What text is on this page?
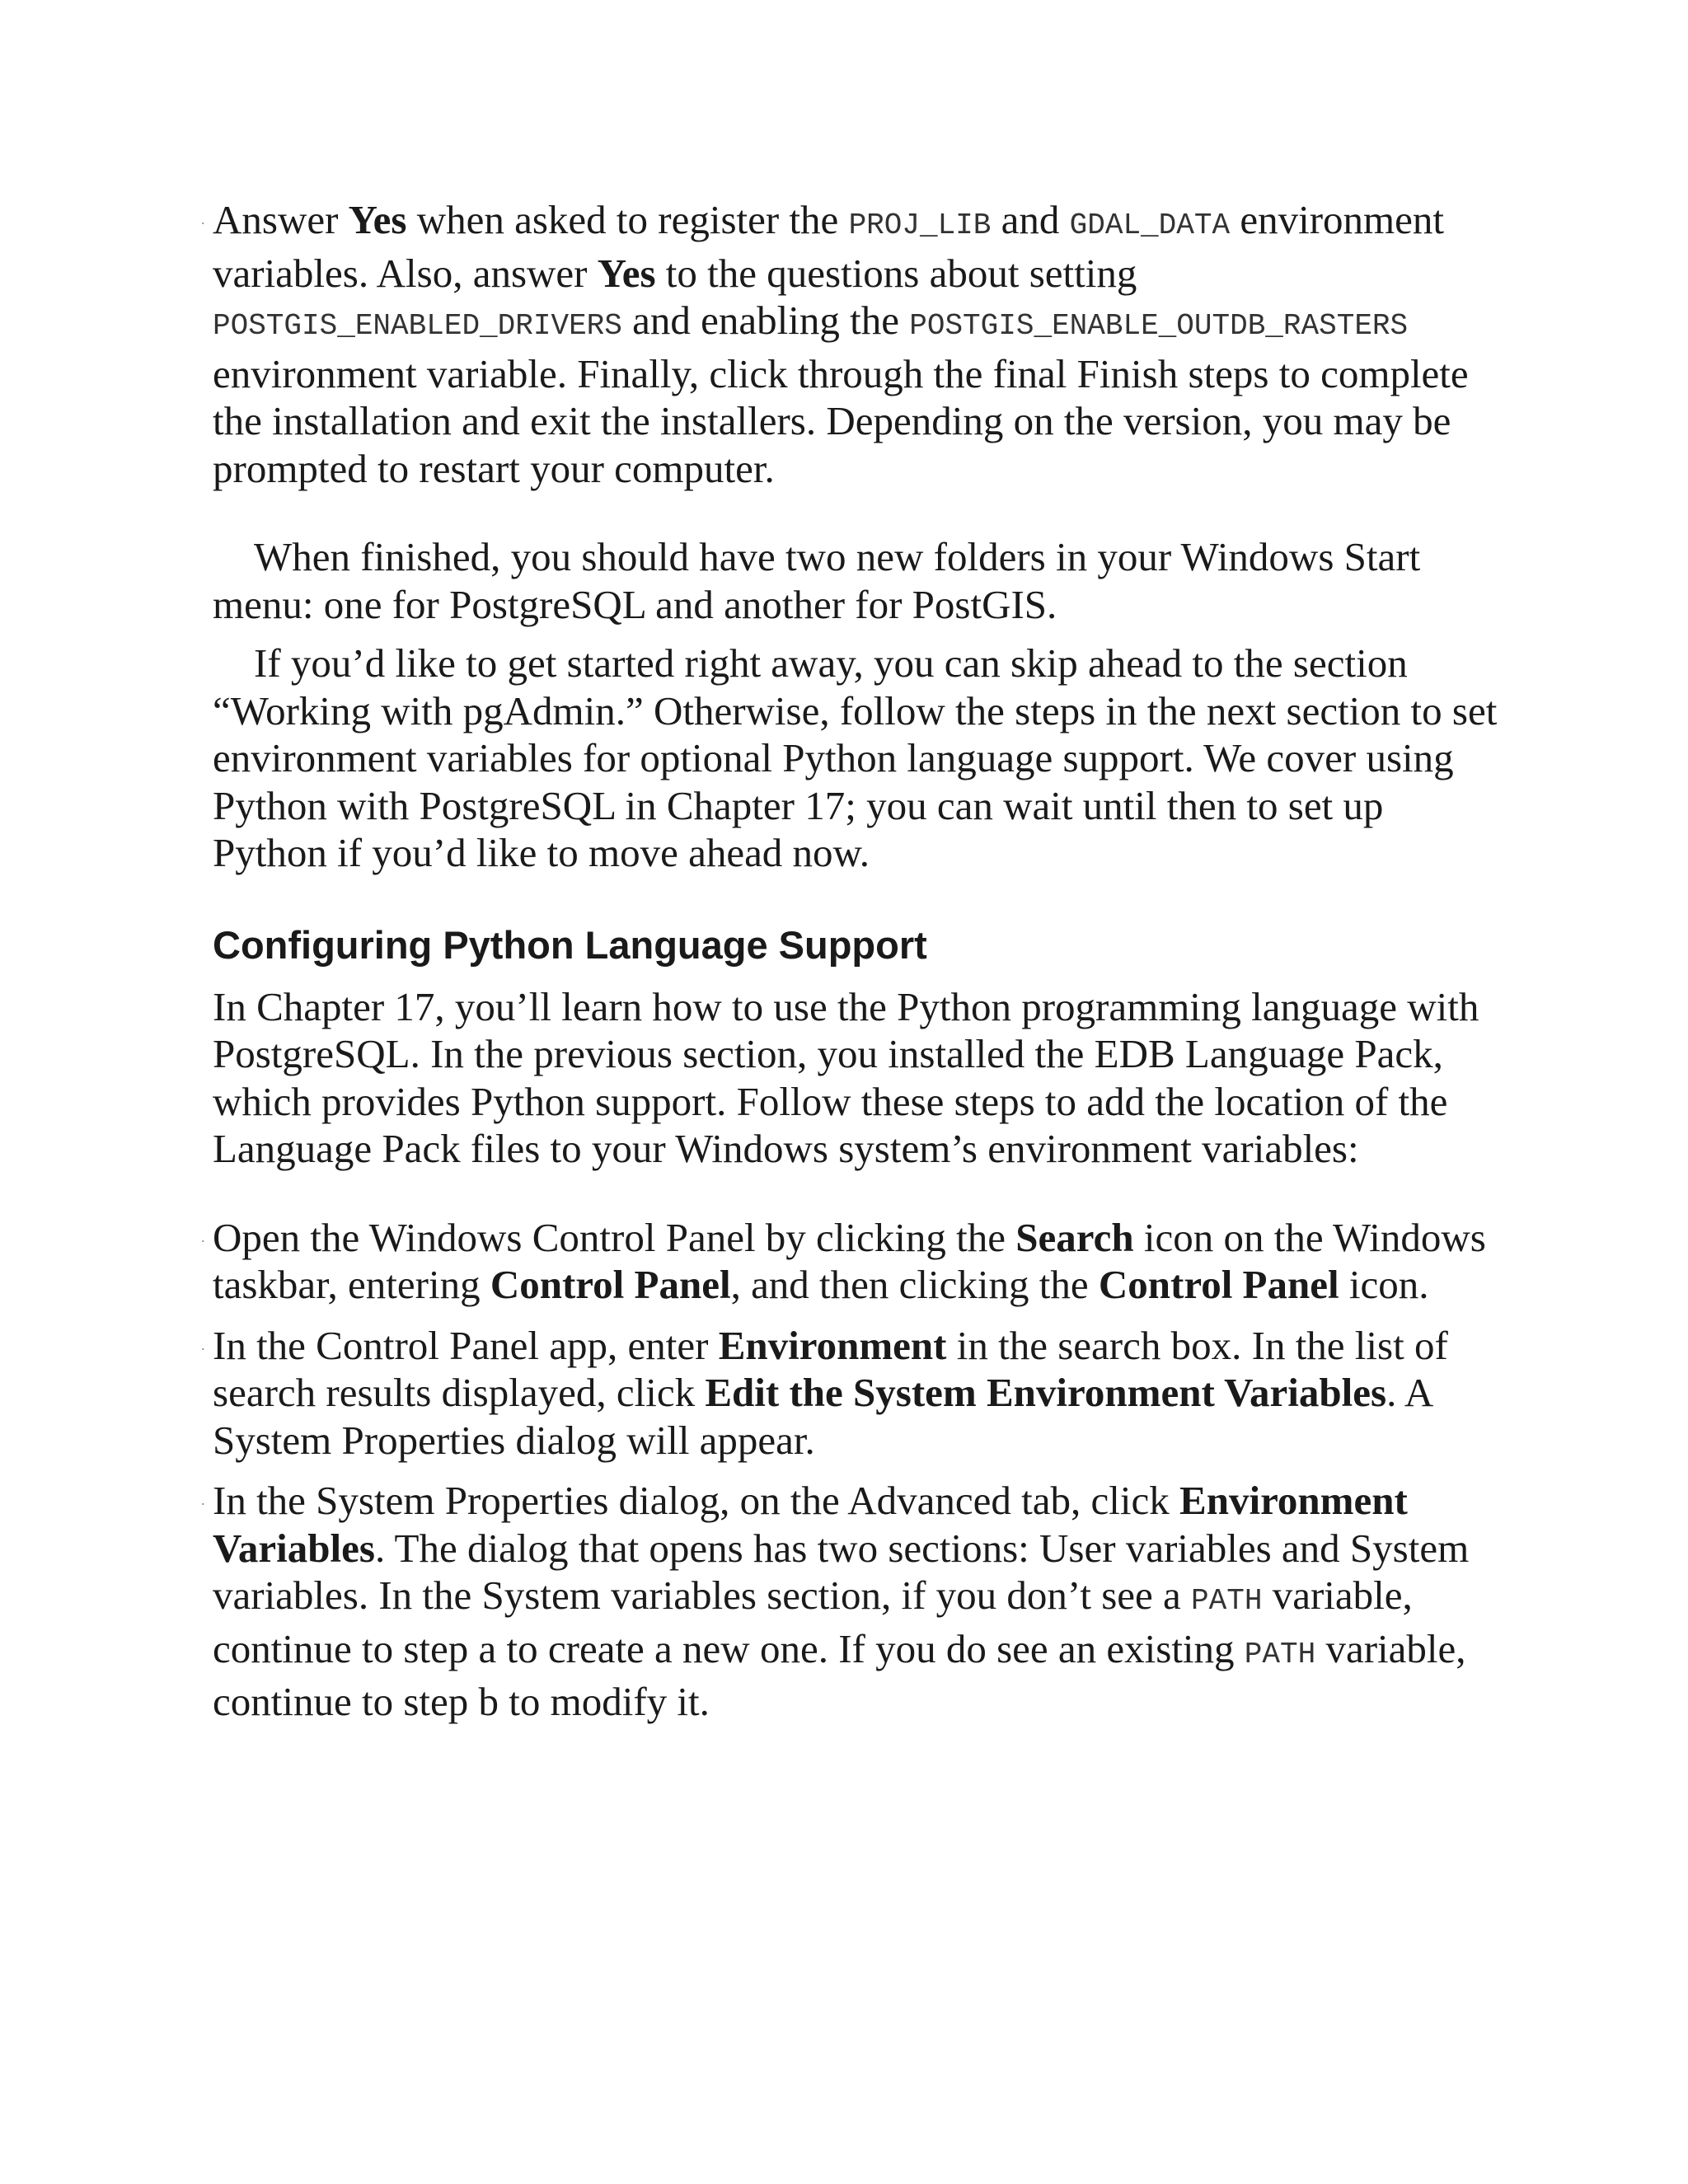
. Answer Yes when asked to register the PROJ_LIB and GDAL_DATA environment variables. Also, answer Yes to the questions about setting POSTGIS_ENABLED_DRIVERS and enabling the POSTGIS_ENABLE_OUTDB_RASTERS environment variable. Finally, click through the final Finish steps to complete the installation and exit the installers. Depending on the version, you may be prompted to restart your computer.

When finished, you should have two new folders in your Windows Start menu: one for PostgreSQL and another for PostGIS.

If you’d like to get started right away, you can skip ahead to the section “Working with pgAdmin.” Otherwise, follow the steps in the next section to set environment variables for optional Python language support. We cover using Python with PostgreSQL in Chapter 17; you can wait until then to set up Python if you’d like to move ahead now.

Configuring Python Language Support

In Chapter 17, you’ll learn how to use the Python programming language with PostgreSQL. In the previous section, you installed the EDB Language Pack, which provides Python support. Follow these steps to add the location of the Language Pack files to your Windows system’s environment variables:

. Open the Windows Control Panel by clicking the Search icon on the Windows taskbar, entering Control Panel, and then clicking the Control Panel icon.

. In the Control Panel app, enter Environment in the search box. In the list of search results displayed, click Edit the System Environment Variables. A System Properties dialog will appear.

. In the System Properties dialog, on the Advanced tab, click Environment Variables. The dialog that opens has two sections: User variables and System variables. In the System variables section, if you don’t see a PATH variable, continue to step a to create a new one. If you do see an existing PATH variable, continue to step b to modify it.
